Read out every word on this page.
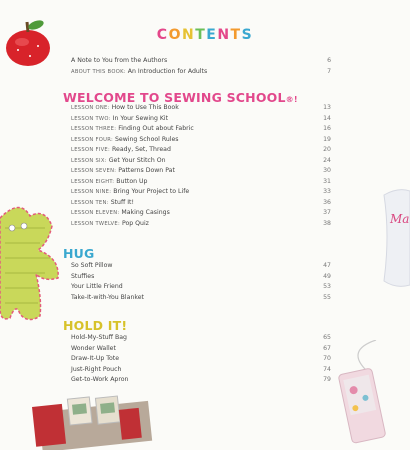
CONTENTS
Ma
A Note to You from the Authors	6
ABOUT THIS BOOK: An Introduction for Adults	7
WELCOME TO SEWING SCHOOL®!
LESSON ONE: How to Use This Book	13
LESSON TWO: In Your Sewing Kit	14
LESSON THREE: Finding Out about Fabric	16
LESSON FOUR: Sewing School Rules	19
LESSON FIVE: Ready, Set, Thread	20
LESSON SIX: Get Your Stitch On	24
LESSON SEVEN: Patterns Down Pat	30
LESSON EIGHT: Button Up	31
LESSON NINE: Bring Your Project to Life	33
LESSON TEN: Stuff It!	36
LESSON ELEVEN: Making Casings	37
LESSON TWELVE: Pop Quiz	38
HUG
So Soft Pillow	47
Stuffies	49
Your Little Friend	53
Take-It-with-You Blanket	55
HOLD IT!
Hold-My-Stuff Bag	65
Wonder Wallet	67
Draw-It-Up Tote	70
Just-Right Pouch	74
Get-to-Work Apron	79
